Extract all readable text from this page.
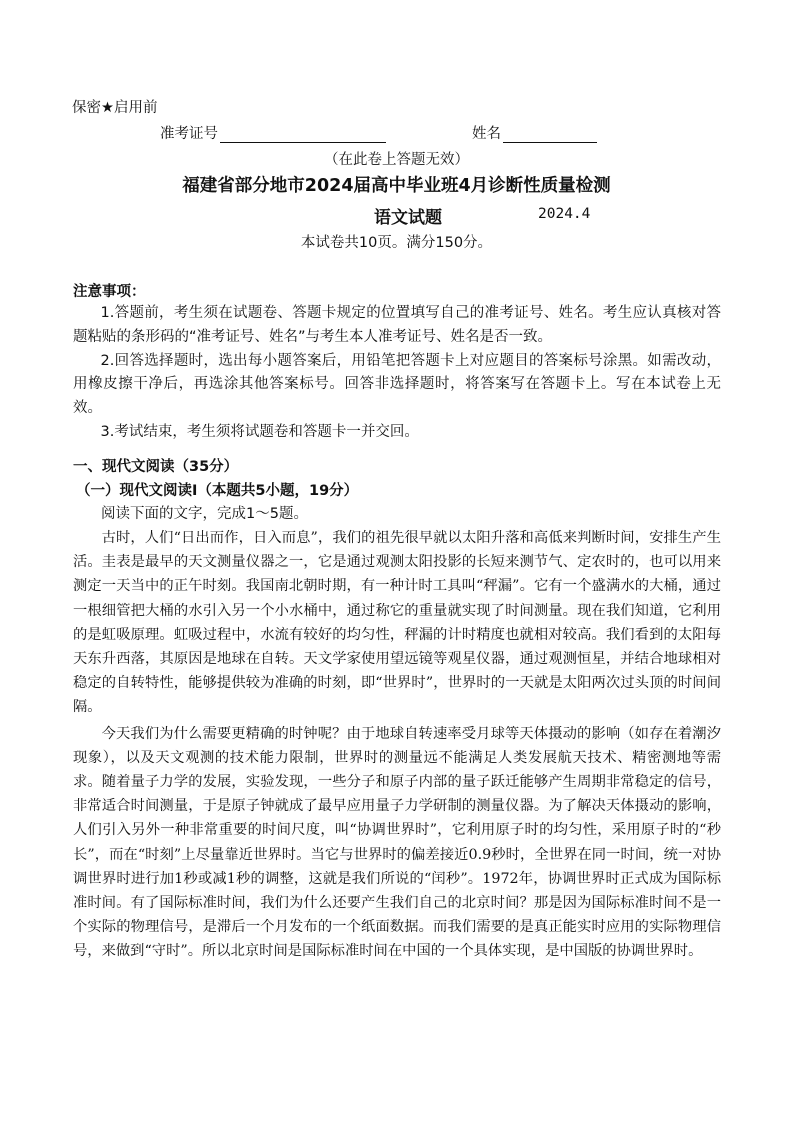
保密★启用前
准考证号	姓名
（在此卷上答题无效）
福建省部分地市2024届高中毕业班4月诊断性质量检测
语文试题	2024.4
本试卷共10页。满分150分。
注意事项：

1.答题前，考生须在试题卷、答题卡规定的位置填写自己的准考证号、姓名。考生应认真核对答题粘贴的条形码的“准考证号、姓名”与考生本人准考证号、姓名是否一致。

2.回答选择题时，选出每小题答案后，用铅笔把答题卡上对应题目的答案标号涂黑。如需改动，用橡皮擦干净后，再选涂其他答案标号。回答非选择题时，将答案写在答题卡上。写在本试卷上无效。

3.考试结束，考生须将试题卷和答题卡一并交回。

一、现代文阅读（35分）
（一）现代文阅读Ⅰ（本题共5小题，19分）
阅读下面的文字，完成1～5题。

古时，人们“日出而作，日入而息”，我们的祖先很早就以太阳升落和高低来判断时间，安排生产生活。圭表是最早的天文测量仪器之一，它是通过观测太阳投影的长短来测节气、定农时的，也可以用来测定一天当中的正午时刻。我国南北朝时期，有一种计时工具叫“秤漏”。它有一个盛满水的大桶，通过一根细管把大桶的水引入另一个小水桶中，通过称它的重量就实现了时间测量。现在我们知道，它利用的是虹吸原理。虹吸过程中，水流有较好的均匀性，秤漏的计时精度也就相对较高。我们看到的太阳每天东升西落，其原因是地球在自转。天文学家使用望远镜等观星仪器，通过观测恒星，并结合地球相对稳定的自转特性，能够提供较为准确的时刻，即“世界时”，世界时的一天就是太阳两次过头顶的时间间隔。

今天我们为什么需要更精确的时钟呢？由于地球自转速率受月球等天体摄动的影响（如存在着潮汐现象），以及天文观测的技术能力限制，世界时的测量远不能满足人类发展航天技术、精密测地等需求。随着量子力学的发展，实验发现，一些分子和原子内部的量子跃迁能够产生周期非常稳定的信号，非常适合时间测量，于是原子钟就成了最早应用量子力学研制的测量仪器。为了解决天体摄动的影响，人们引入另外一种非常重要的时间尺度，叫“协调世界时”，它利用原子时的均匀性，采用原子时的“秒长”，而在“时刻”上尽量靠近世界时。当它与世界时的偏差接近0.9秒时，全世界在同一时间，统一对协调世界时进行加1秒或减1秒的调整，这就是我们所说的“闰秒”。1972年，协调世界时正式成为国际标准时间。有了国际标准时间，我们为什么还要产生我们自己的北京时间？那是因为国际标准时间不是一个实际的物理信号，是滞后一个月发布的一个纸面数据。而我们需要的是真正能实时应用的实际物理信号，来做到“守时”。所以北京时间是国际标准时间在中国的一个具体实现，是中国版的协调世界时。
